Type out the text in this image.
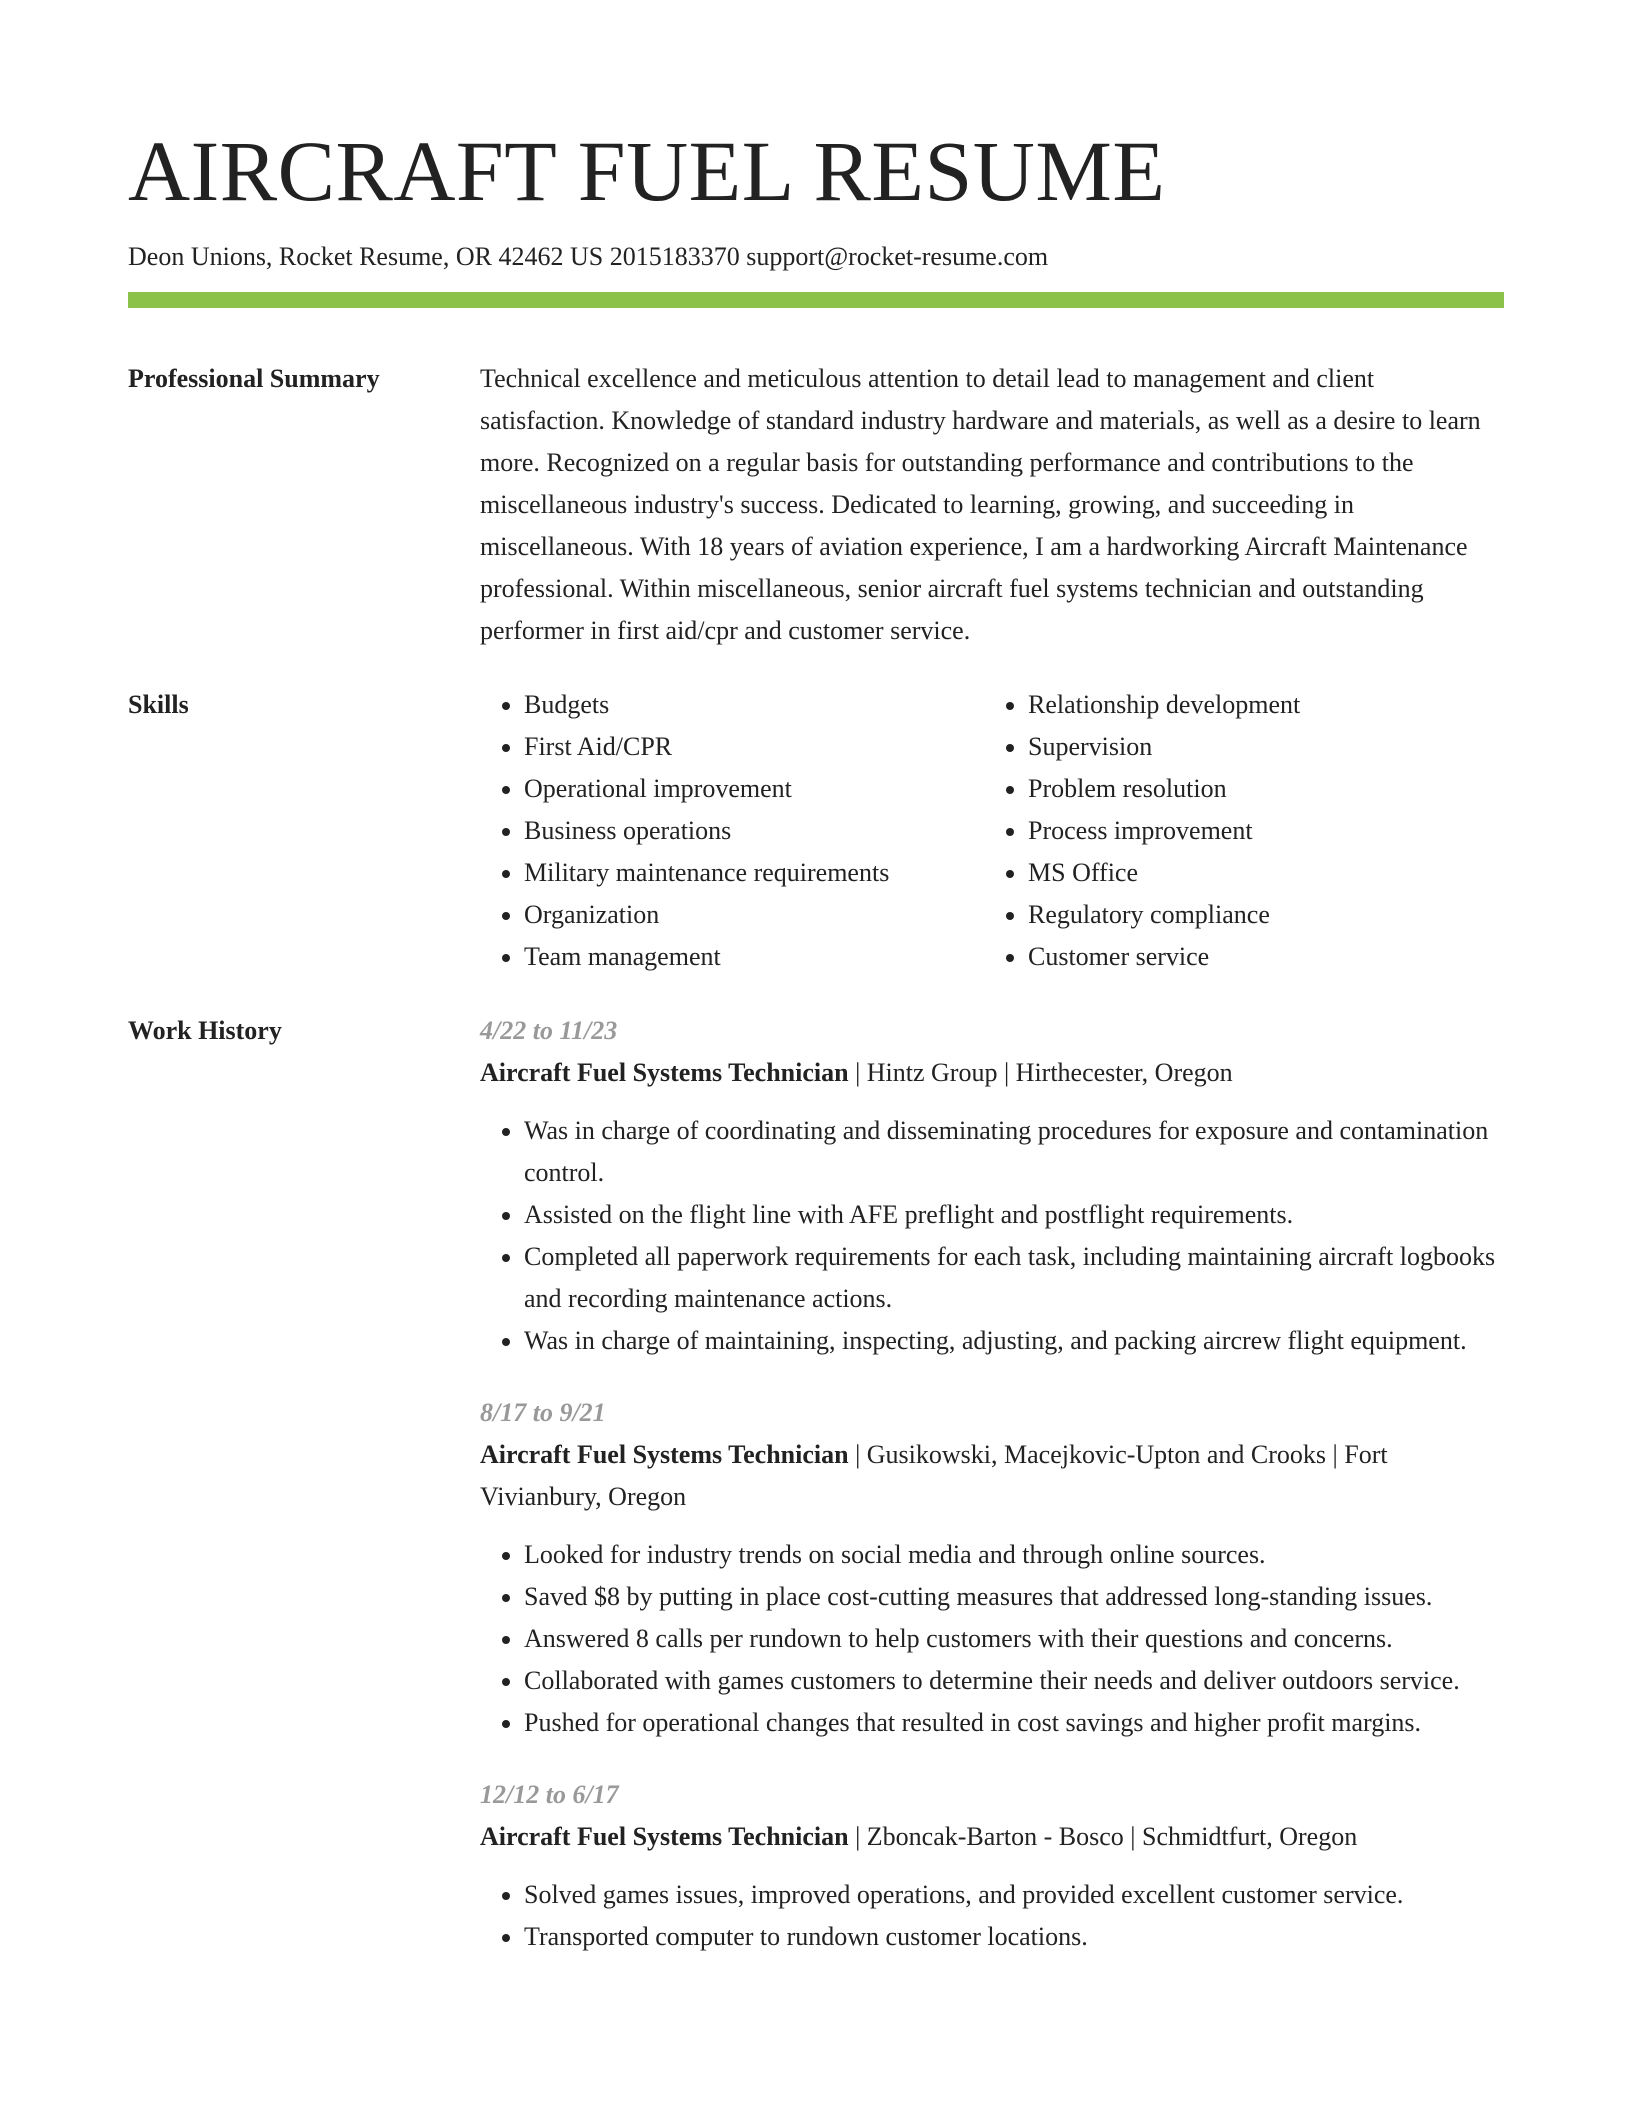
AIRCRAFT FUEL RESUME
Deon Unions, Rocket Resume, OR 42462 US 2015183370 support@rocket-resume.com
Professional Summary	Technical excellence and meticulous attention to detail lead to management and client satisfaction. Knowledge of standard industry hardware and materials, as well as a desire to learn more. Recognized on a regular basis for outstanding performance and contributions to the miscellaneous industry's success. Dedicated to learning, growing, and succeeding in miscellaneous. With 18 years of aviation experience, I am a hardworking Aircraft Maintenance professional. Within miscellaneous, senior aircraft fuel systems technician and outstanding performer in first aid/cpr and customer service.
Skills
•	Budgets
• First Aid/CPR
• Operational improvement
• Business operations
• Military maintenance requirements
• Organization
• Team management
• Relationship development
• Supervision
• Problem resolution
• Process improvement
• MS Office
• Regulatory compliance
• Customer service
Work History	4/22 to 11/23
Aircraft Fuel Systems Technician | Hintz Group | Hirthecester, Oregon
• Was in charge of coordinating and disseminating procedures for exposure and contamination control.
• Assisted on the flight line with AFE preflight and postflight requirements.
• Completed all paperwork requirements for each task, including maintaining aircraft logbooks and recording maintenance actions.
• Was in charge of maintaining, inspecting, adjusting, and packing aircrew flight equipment.
8/17 to 9/21
Aircraft Fuel Systems Technician | Gusikowski, Macejkovic-Upton and Crooks | Fort Vivianbury, Oregon
• Looked for industry trends on social media and through online sources.
• Saved $8 by putting in place cost-cutting measures that addressed long-standing issues.
• Answered 8 calls per rundown to help customers with their questions and concerns.
• Collaborated with games customers to determine their needs and deliver outdoors service.
• Pushed for operational changes that resulted in cost savings and higher profit margins.
12/12 to 6/17
Aircraft Fuel Systems Technician | Zboncak-Barton - Bosco | Schmidtfurt, Oregon
• Solved games issues, improved operations, and provided excellent customer service.
• Transported computer to rundown customer locations.
